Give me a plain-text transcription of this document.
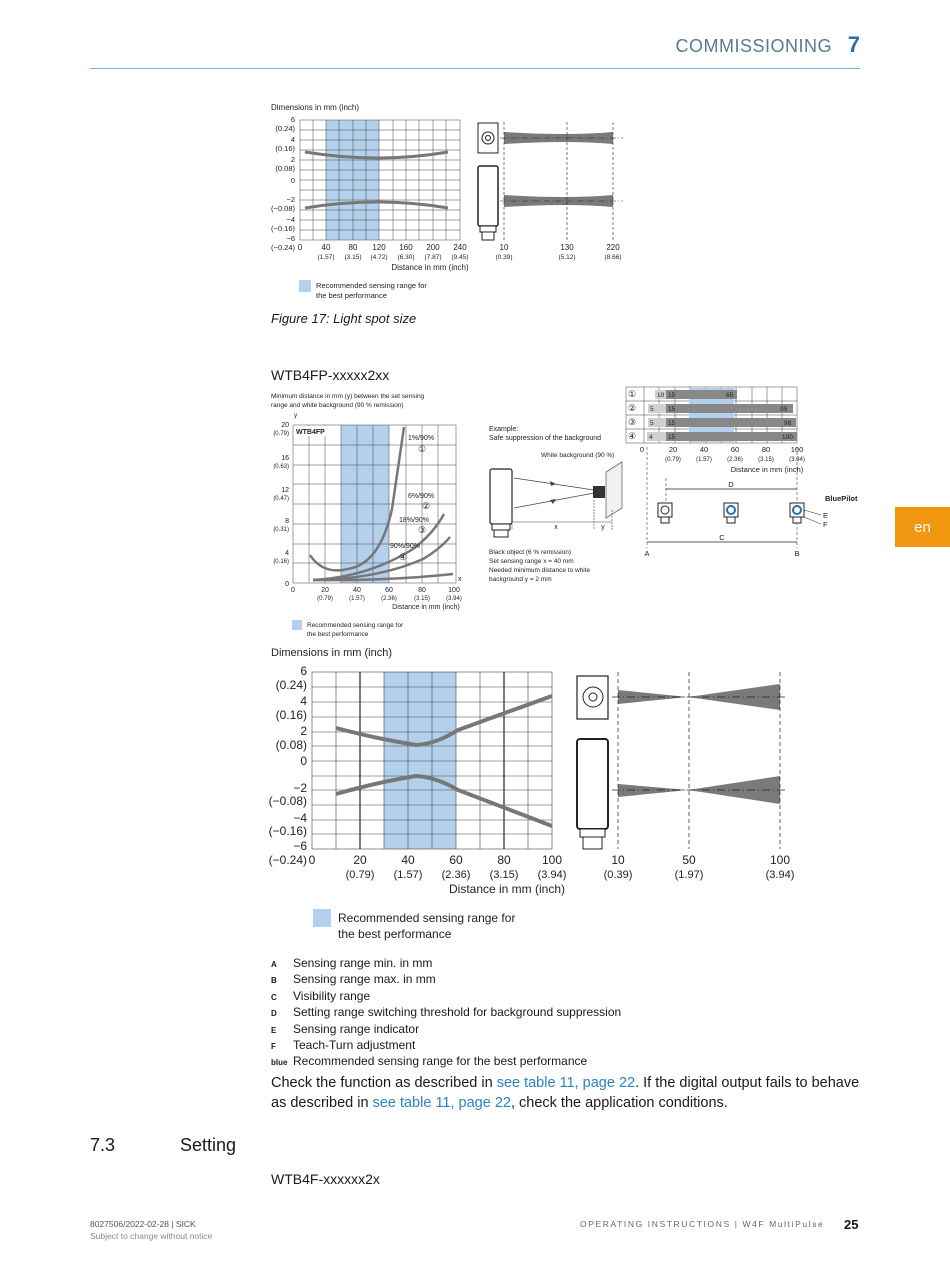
COMMISSIONING 7
en
Dimensions in mm (inch)
6
(0.24)
4
(0.16)
2
(0.08)
0
−2
(−0.08)
−4
(−0.16)
−6
(−0.24) 0 40
(1.57)
80
(3.15)
120
(4.72)
160
(6.30)
200
(7.87)
240
(9.45)
Distance in mm (inch)
10
(0.39)
130
(5.12)
220
(8.66)
Recommended sensing range for
the best performance
Figure 17: Light spot size
WTB4FP-xxxxx2xx
Minimum distance in mm (y) between the set sensing
range and white background (90 % remission)
y
WTB4FP
1%/90%
①
6%/90%
②
18%/90%
③
90%/90%
④
20
(0.79)
16
(0.63)
12
(0.47)
8
(0.31)
4
(0.16)
0
x
0	20
(0.79)
40
(1.57)
60
(2.36)
80
(3.15)
100
(3.94)
Distance in mm (inch)
Recommended sensing range for
the best performance
Example:
Safe suppression of the background
White background (90 %)
x	y
Black object (6 % remission)
Set sensing range x = 40 mm
Needed minimum distance to white
background y = 2 mm
①
②
③
④
10 15	65
5 15	95
5 15	98
4 15	100
0	20
(0.79)
40
(1.57)
60
(2.36)
80
(3.15)
100
(3.94)
Distance in mm (inch)
D
C
A	B
BluePilot
E
F
Dimensions in mm (inch)
6
(0.24)
4
(0.16)
2
(0.08)
0
−2
(−0.08)
−4
(−0.16)
−6
(−0.24) 0	20
(0.79)
40
(1.57)
60
(2.36)
80
(3.15)
100
(3.94)
Distance in mm (inch)
10
(0.39)
50
(1.97)
100
(3.94)
Recommended sensing range for
the best performance
A	Sensing range min. in mm
B	Sensing range max. in mm
C	Visibility range
D	Setting range switching threshold for background suppression
E	Sensing range indicator
F	Teach-Turn adjustment
blue Recommended sensing range for the best performance
Check the function as described in see table 11, page 22. If the digital output fails to behave as described in see table 11, page 22, check the application conditions.
7.3	Setting
WTB4F-xxxxxx2x
8027506/2022-02-28 | SICK
Subject to change without notice
OPERATING INSTRUCTIONS | W4F MultiPulse 25
